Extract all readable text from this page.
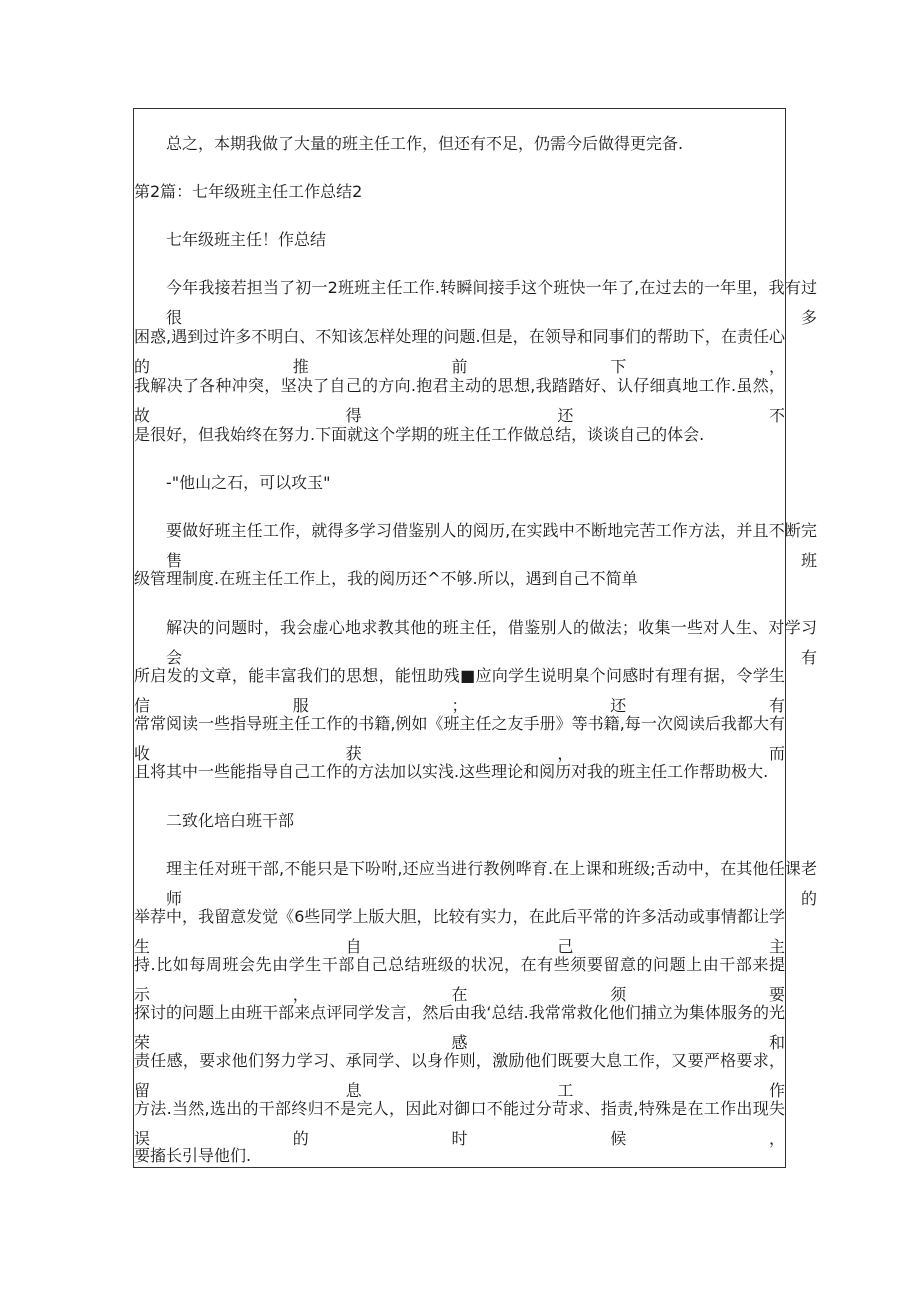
总之，本期我做了大量的班主任工作，但还有不足，仍需今后做得更完备.
第2篇：七年级班主任工作总结2
七年级班主任！作总结
今年我接若担当了初一2班班主任工作.转瞬间接手这个班快一年了,在过去的一年里，我有过很多
困惑,遇到过许多不明白、不知该怎样处理的问题.但是，在领导和同事们的帮助下，在责任心的推前下，
我解决了各种冲突，坚决了自己的方向.抱君主动的思想,我踏踏好、认仔细真地工作.虽然，故得还不
是很好，但我始终在努力.下面就这个学期的班主任工作做总结，谈谈自己的体会.
-"他山之石，可以攻玉"
要做好班主任工作，就得多学习借鉴别人的阅历,在实践中不断地完苦工作方法，并且不断完售班
级管理制度.在班主任工作上，我的阅历还^不够.所以，遇到自己不简单
解决的问题时，我会虚心地求教其他的班主任，借鉴别人的做法；收集一些对人生、对学习会有
所启发的文章，能丰富我们的思想，能忸助残■应向学生说明臬个问感时有理有据，令学生信服；还有
常常阅读一些指导班主任工作的书籍,例如《班主任之友手册》等书籍,每一次阅读后我都大有收获，而
且将其中一些能指导自己工作的方法加以实浅.这些理论和阅历对我的班主任工作帮助极大.
二致化培白班干部
理主任对班干部,不能只是下吩咐,还应当进行教例哗育.在上课和班级;舌动中，在其他任课老师的
举荐中，我留意发觉《6些同学上版大胆，比较有实力，在此后平常的许多活动或事情都让学生自己主
持.比如每周班会先由学生干部自己总结班级的状况，在有些须要留意的问题上由干部来提示，在须要
探讨的问题上由班干部来点评同学发言，然后由我‘总结.我常常救化他们捕立为集体服务的光荣感和
责任感，要求他们努力学习、承同学、以身作则，激励他们既要大息工作，又要严格要求，留息工作
方法.当然,选出的干部终归不是完人，因此对御口不能过分苛求、指责,特殊是在工作出现失误的时候，
要搐长引导他们.
